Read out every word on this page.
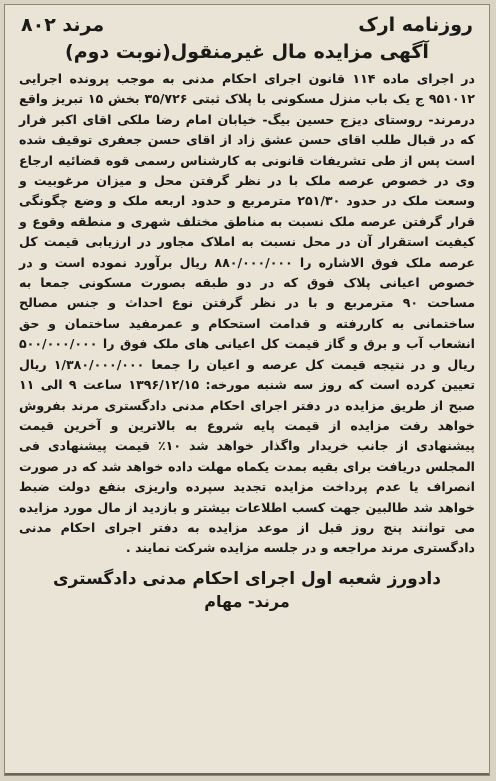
روزنامه ارک
مرند ۸۰۲
آگهی مزایده مال غیرمنقول(نوبت دوم)

در اجرای ماده ۱۱۴ قانون اجرای احکام مدنی به موجب پرونده اجرایی ۹۵۱۰۱۲ ج یک باب منزل مسکونی با پلاک ثبتی ۳۵/۷۲۶ بخش ۱۵ تبریز واقع درمرند- روستای دیزج حسین بیگ- خیابان امام رضا ملکی اقای اکبر فرار که در قبال طلب اقای حسن عشق زاد از اقای حسن جعفری توقیف شده است پس از طی تشریفات قانونی به کارشناس رسمی قوه قضائیه ارجاع وی در خصوص عرصه ملک با در نظر گرفتن محل و میزان مرغوبیت و وسعت ملک در حدود ۲۵۱/۳۰ مترمربع و حدود اربعه ملک و وضع چگونگی قرار گرفتن عرصه ملک نسبت به مناطق مختلف شهری و منطقه وقوع و کیفیت استقرار آن در محل نسبت به املاک مجاور در ارزیابی قیمت کل عرصه ملک فوق الاشاره را ۸۸۰/۰۰۰/۰۰۰ ریال برآورد نموده است و در خصوص اعیانی پلاک فوق که در دو طبقه بصورت مسکونی جمعا به مساحت ۹۰ مترمربع و با در نظر گرفتن نوع احداث و جنس مصالح ساختمانی به کاررفته و قدامت استحکام و عمرمفید ساختمان و حق انشعاب آب و برق و گاز قیمت کل اعیانی های ملک فوق را ۵۰۰/۰۰۰/۰۰۰ ریال و در نتیجه قیمت کل عرصه و اعیان را جمعا ۱/۳۸۰/۰۰۰/۰۰۰ ریال تعیین کرده است که روز سه شنبه مورخه: ۱۳۹۶/۱۲/۱۵ ساعت ۹ الی ۱۱ صبح از طریق مزایده در دفتر اجرای احکام مدنی دادگستری مرند بفروش خواهد رفت مزایده از قیمت پایه شروع به بالاترین و آخرین قیمت پیشنهادی از جانب خریدار واگذار خواهد شد ۱۰٪ قیمت پیشنهادی فی المجلس دریافت برای بقیه بمدت یکماه مهلت داده خواهد شد که در صورت انصراف یا عدم پرداخت مزایده تجدید سپرده واریزی بنفع دولت ضبط خواهد شد طالبین جهت کسب اطلاعات بیشتر و بازدید از مال مورد مزایده می توانند پنج روز قبل از موعد مزایده به دفتر اجرای احکام مدنی دادگستری مرند مراجعه و در جلسه مزایده شرکت نمایند .

دادورز شعبه اول اجرای احکام مدنی دادگستری
مرند- مهام
